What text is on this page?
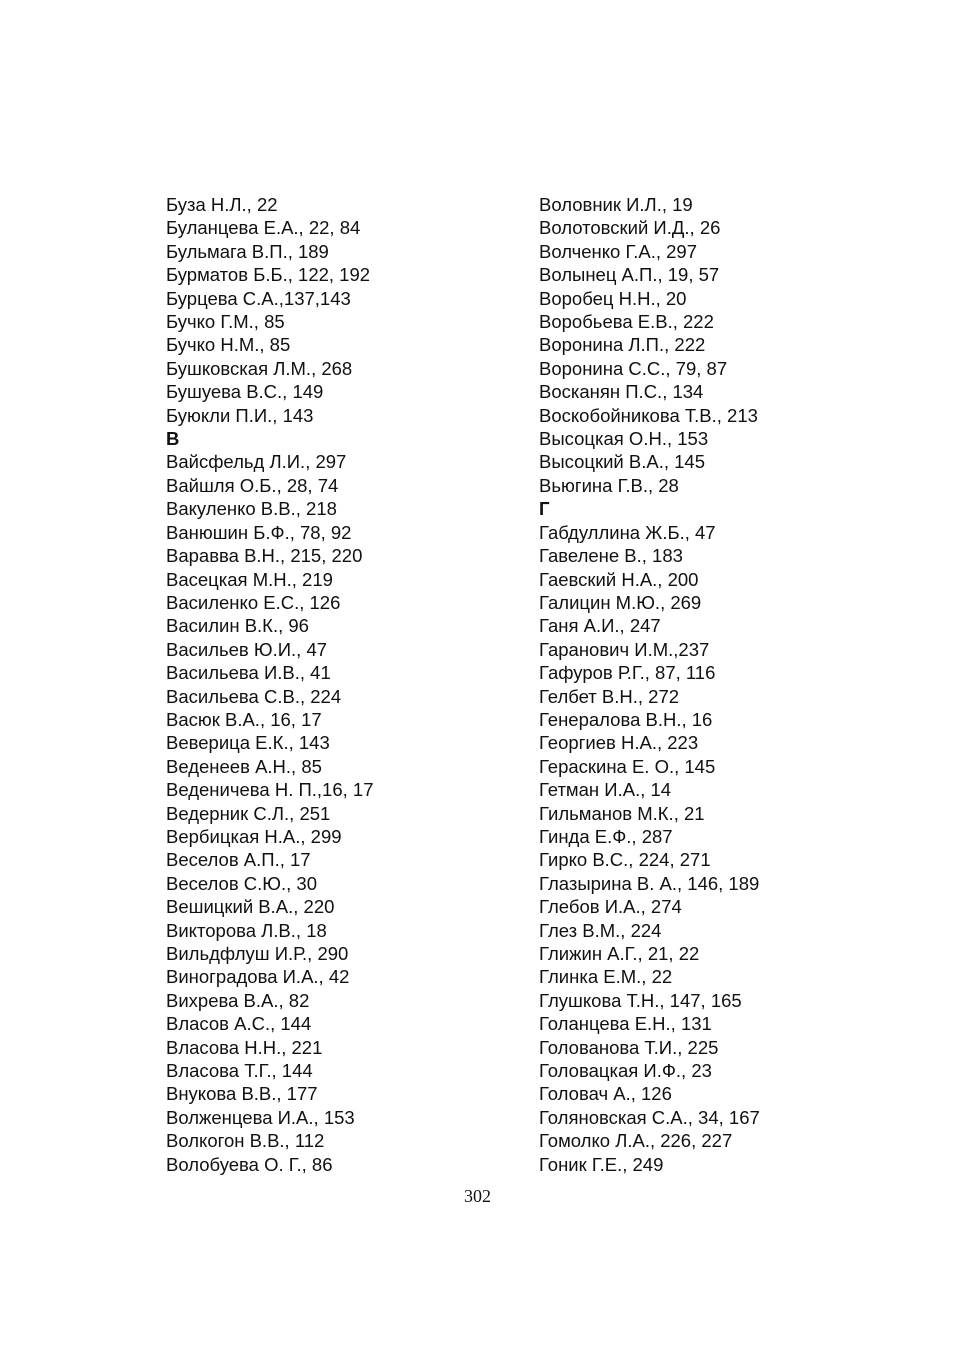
Буза Н.Л., 22
Буланцева Е.А., 22, 84
Бульмага В.П., 189
Бурматов Б.Б., 122, 192
Бурцева С.А.,137,143
Бучко Г.М., 85
Бучко Н.М., 85
Бушковская Л.М., 268
Бушуева В.С., 149
Буюкли П.И., 143
В
Вайсфельд Л.И., 297
Вайшля О.Б., 28, 74
Вакуленко В.В., 218
Ванюшин Б.Ф., 78, 92
Варавва В.Н., 215, 220
Васецкая М.Н., 219
Василенко Е.С., 126
Василин В.К., 96
Васильев Ю.И., 47
Васильева И.В., 41
Васильева С.В., 224
Васюк В.А., 16, 17
Веверица Е.К., 143
Веденеев А.Н., 85
Веденичева Н. П.,16, 17
Ведерник С.Л., 251
Вербицкая Н.А., 299
Веселов А.П., 17
Веселов С.Ю., 30
Вешицкий В.А., 220
Викторова Л.В., 18
Вильдфлуш И.Р., 290
Виноградова И.А., 42
Вихрева В.А., 82
Власов А.С., 144
Власова Н.Н., 221
Власова Т.Г., 144
Внукова В.В., 177
Волженцева И.А., 153
Волкогон В.В., 112
Волобуева О. Г., 86
Воловник И.Л., 19
Волотовский И.Д., 26
Волченко Г.А., 297
Волынец А.П., 19, 57
Воробец Н.Н., 20
Воробьева Е.В., 222
Воронина Л.П., 222
Воронина С.С., 79, 87
Восканян П.С., 134
Воскобойникова Т.В., 213
Высоцкая О.Н., 153
Высоцкий В.А., 145
Вьюгина Г.В., 28
Г
Габдуллина Ж.Б., 47
Гавелене В., 183
Гаевский Н.А., 200
Галицин М.Ю., 269
Ганя А.И., 247
Гаранович И.М.,237
Гафуров Р.Г., 87, 116
Гелбет В.Н., 272
Генералова В.Н., 16
Георгиев Н.А., 223
Гераскина Е. О., 145
Гетман И.А., 14
Гильманов М.К., 21
Гинда Е.Ф., 287
Гирко В.С., 224, 271
Глазырина В. А., 146, 189
Глебов И.А., 274
Глез В.М., 224
Глижин А.Г., 21, 22
Глинка Е.М., 22
Глушкова Т.Н., 147, 165
Голанцева Е.Н., 131
Голованова Т.И., 225
Головацкая И.Ф., 23
Головач А., 126
Голяновская С.А., 34, 167
Гомолко Л.А., 226, 227
Гоник Г.Е., 249
302
